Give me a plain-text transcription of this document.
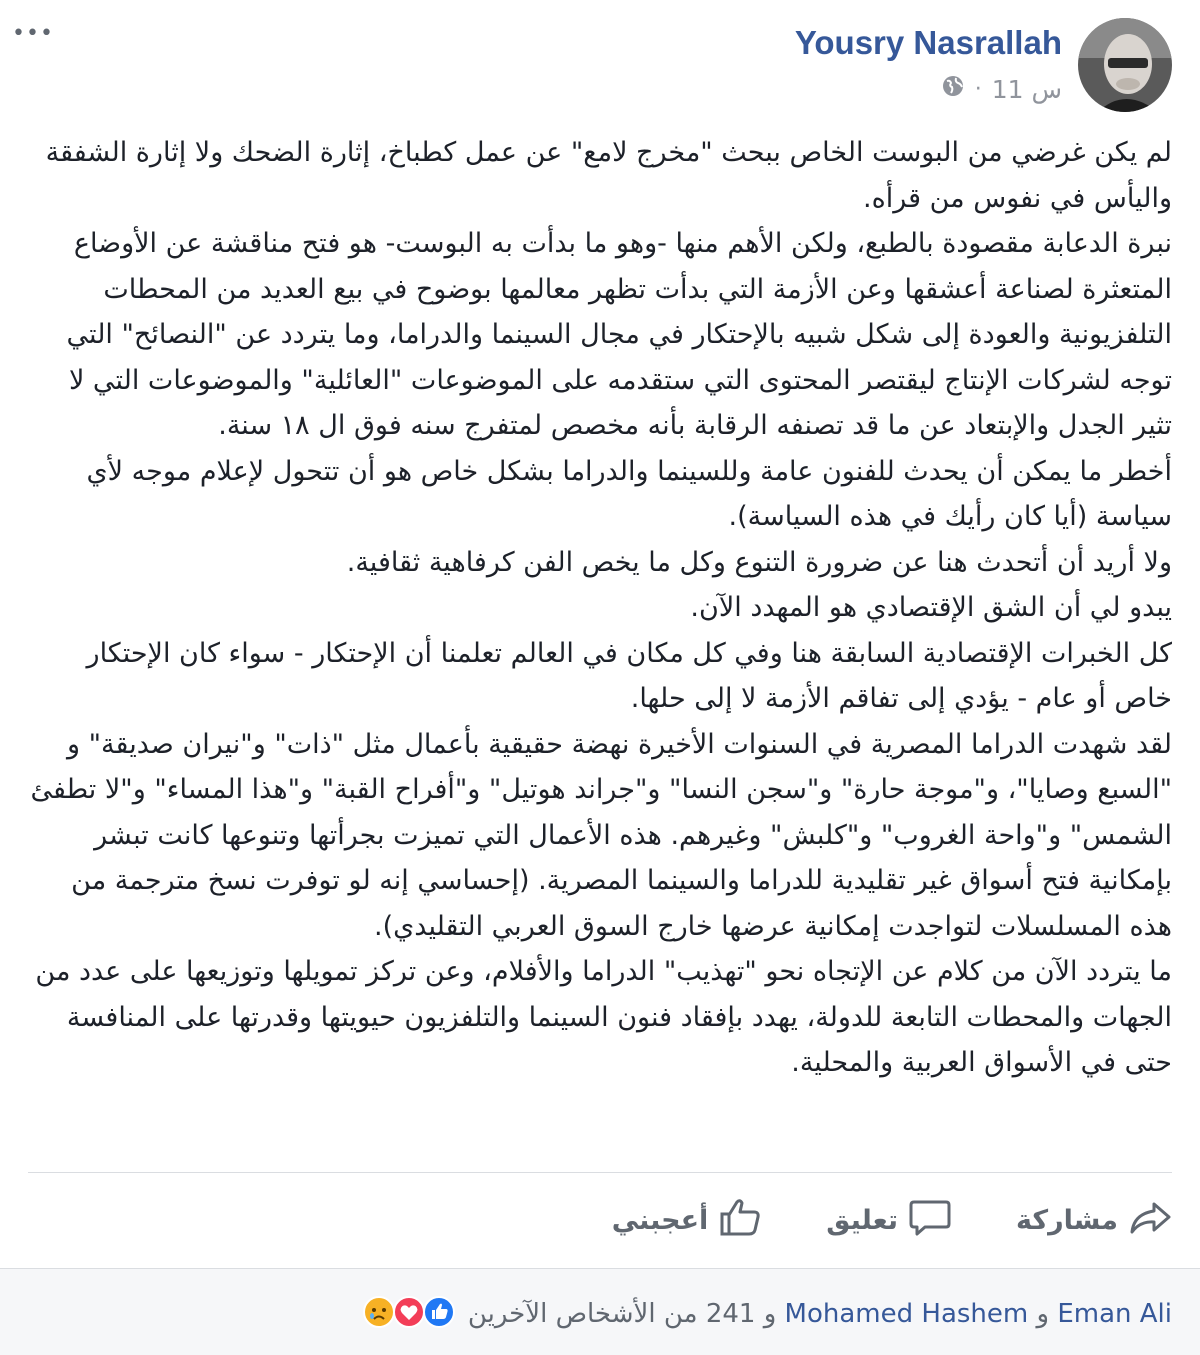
•••	Yousry Nasrallah
11 س
·

لم يكن غرضي من البوست الخاص ببحث "مخرج لامع" عن عمل كطباخ، إثارة الضحك ولا إثارة الشفقة واليأس في نفوس من قرأه.

نبرة الدعابة مقصودة بالطبع، ولكن الأهم منها -وهو ما بدأت به البوست- هو فتح مناقشة عن الأوضاع المتعثرة لصناعة أعشقها وعن الأزمة التي بدأت تظهر معالمها بوضوح في بيع العديد من المحطات التلفزيونية والعودة إلى شكل شبيه بالإحتكار في مجال السينما والدراما، وما يتردد عن "النصائح" التي توجه لشركات الإنتاج ليقتصر المحتوى التي ستقدمه على الموضوعات "العائلية" والموضوعات التي لا تثير الجدل والإبتعاد عن ما قد تصنفه الرقابة بأنه مخصص لمتفرج سنه فوق ال ١٨ سنة.

أخطر ما يمكن أن يحدث للفنون عامة وللسينما والدراما بشكل خاص هو أن تتحول لإعلام موجه لأي سياسة (أيا كان رأيك في هذه السياسة).

ولا أريد أن أتحدث هنا عن ضرورة التنوع وكل ما يخص الفن كرفاهية ثقافية.

يبدو لي أن الشق الإقتصادي هو المهدد الآن.

كل الخبرات الإقتصادية السابقة هنا وفي كل مكان في العالم تعلمنا أن الإحتكار - سواء كان الإحتكار خاص أو عام - يؤدي إلى تفاقم الأزمة لا إلى حلها.

لقد شهدت الدراما المصرية في السنوات الأخيرة نهضة حقيقية بأعمال مثل "ذات" و"نيران صديقة" و "السبع وصايا"، و"موجة حارة" و"سجن النسا" و"جراند هوتيل" و"أفراح القبة" و"هذا المساء" و"لا تطفئ الشمس" و"واحة الغروب" و"كلبش" وغيرهم. هذه الأعمال التي تميزت بجرأتها وتنوعها كانت تبشر بإمكانية فتح أسواق غير تقليدية للدراما والسينما المصرية. (إحساسي إنه لو توفرت نسخ مترجمة من هذه المسلسلات لتواجدت إمكانية عرضها خارج السوق العربي التقليدي).

ما يتردد الآن من كلام عن الإتجاه نحو "تهذيب" الدراما والأفلام، وعن تركز تمويلها وتوزيعها على عدد من الجهات والمحطات التابعة للدولة، يهدد بإفقاد فنون السينما والتلفزيون حيويتها وقدرتها على المنافسة حتى في الأسواق العربية والمحلية.

أعجبني	تعليق	مشاركة
Eman Ali و Mohamed Hashem و 241 من الأشخاص الآخرين
